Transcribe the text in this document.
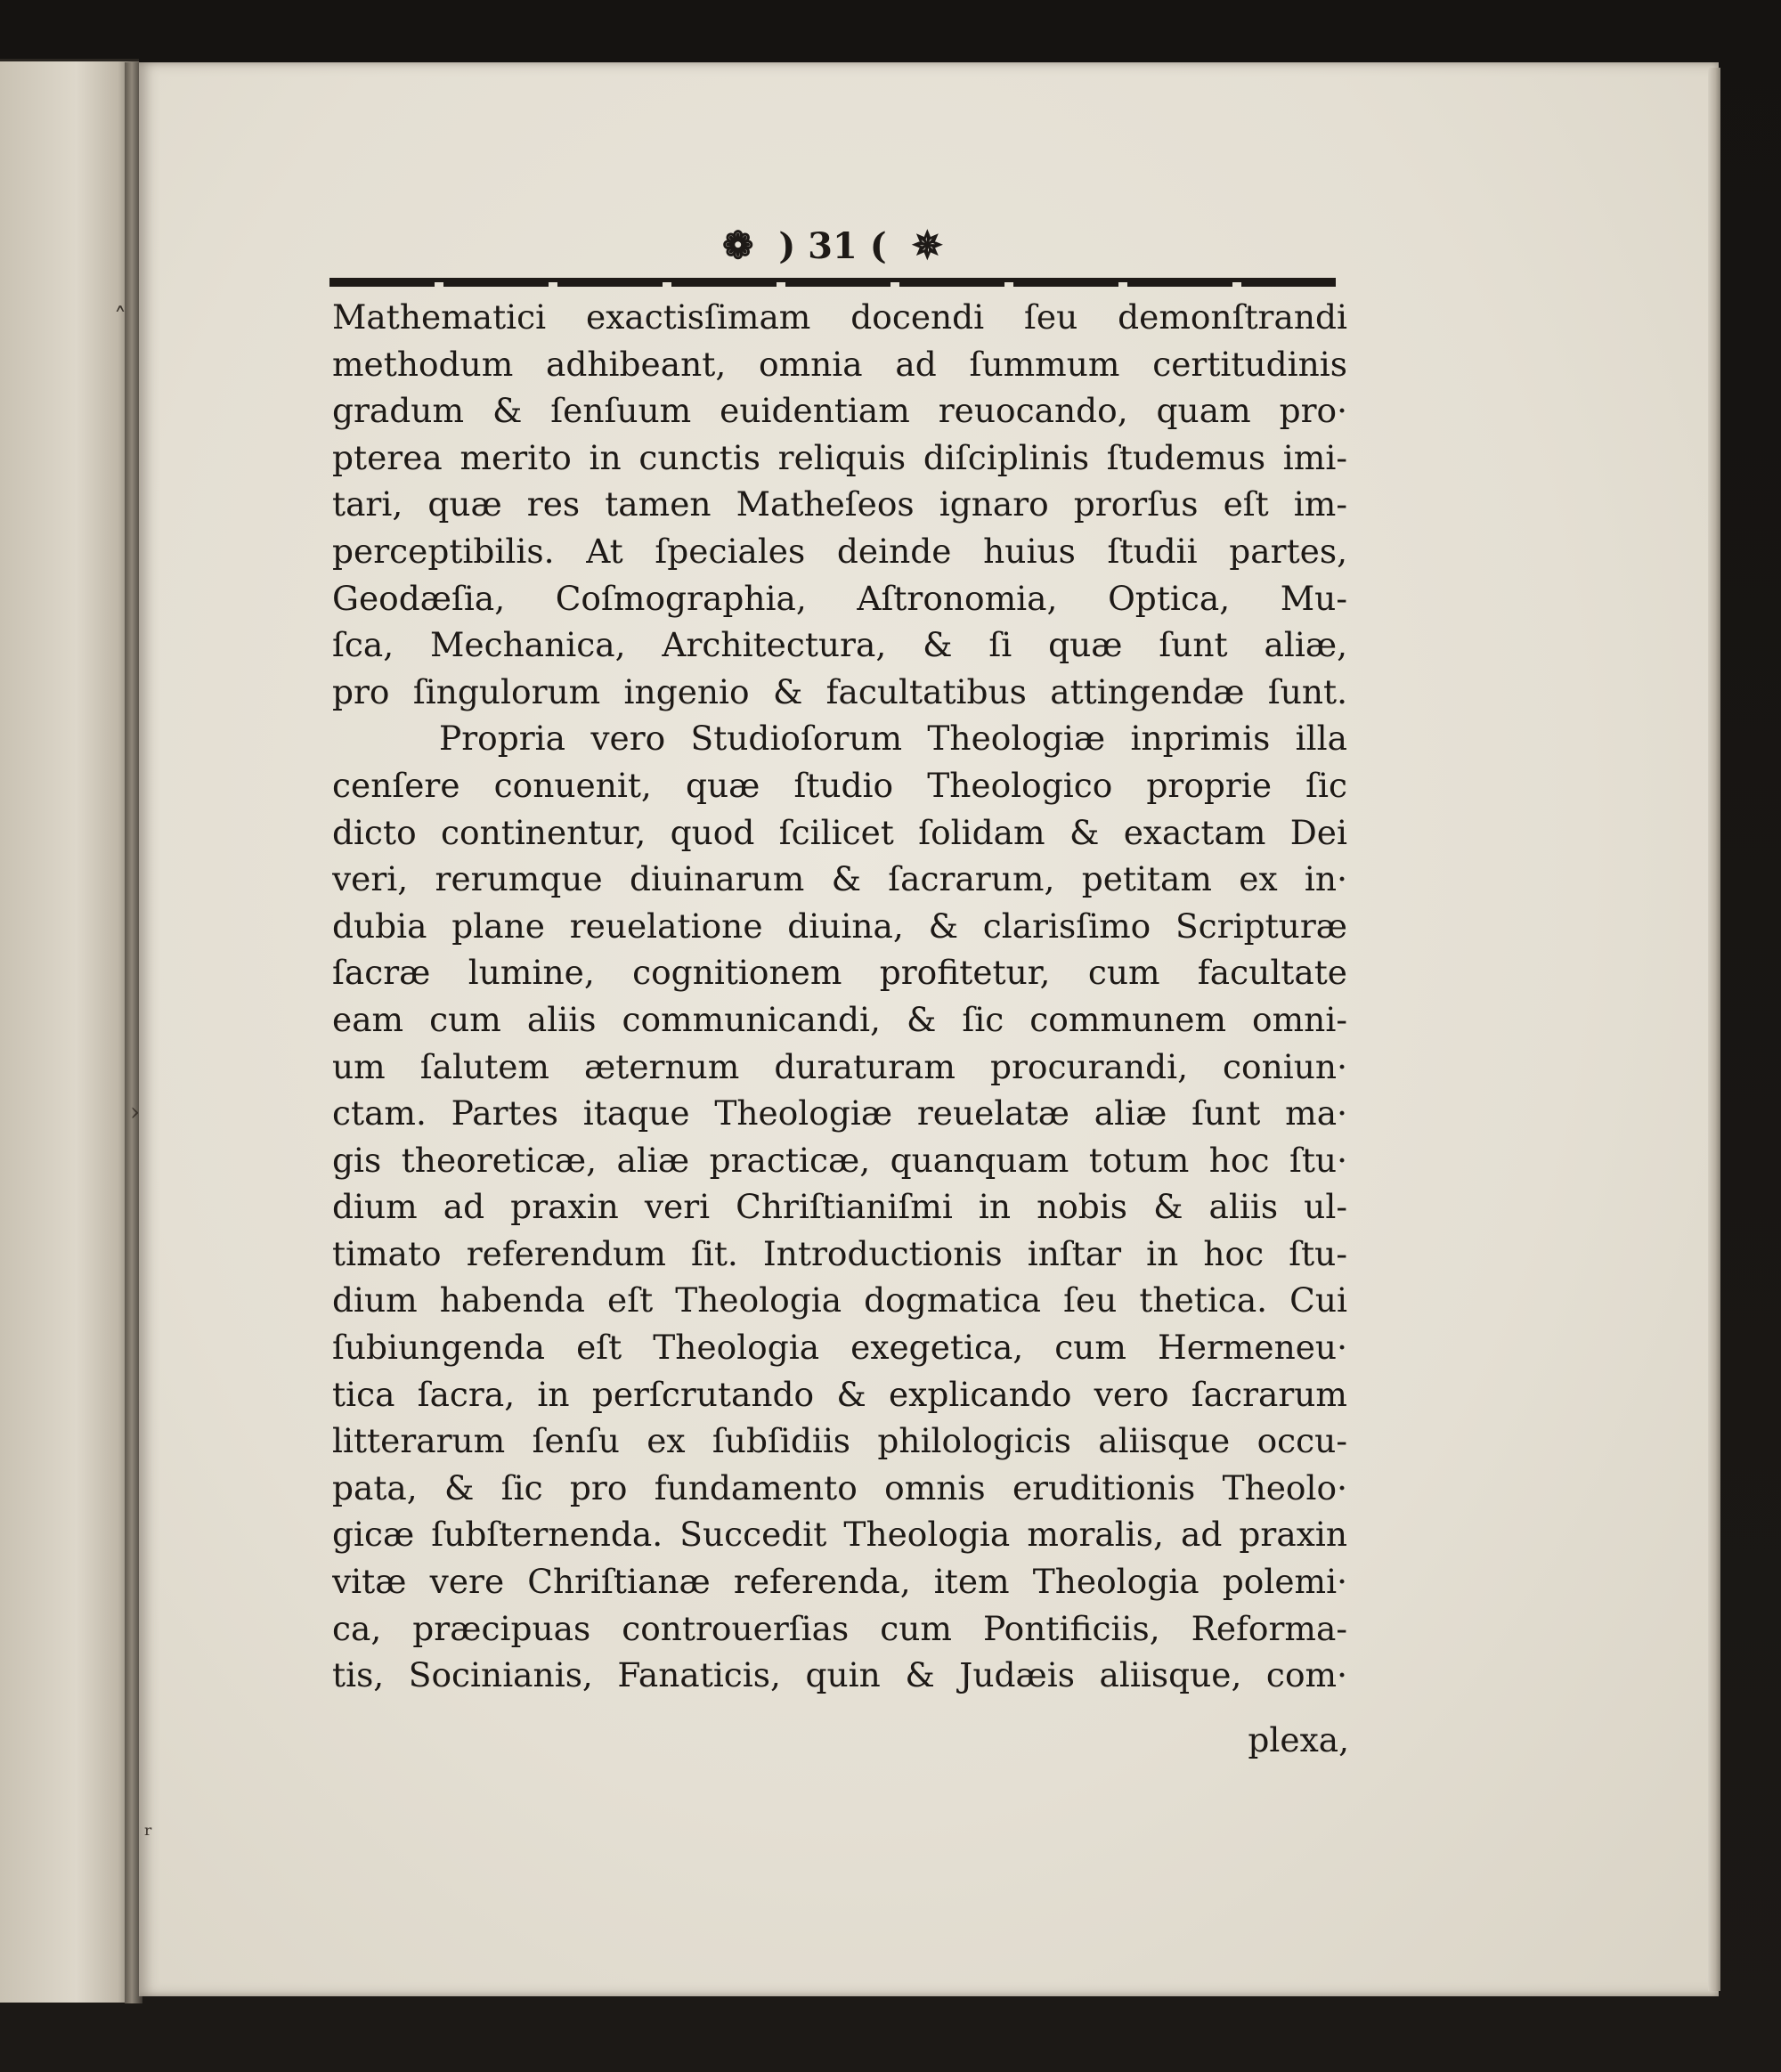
˄
›
ʳ
❁ ) 31 ( ✵
Mathematici exactisſimam docendi ſeu demonſtrandi
methodum adhibeant, omnia ad ſummum certitudinis
gradum & ſenſuum euidentiam reuocando, quam pro·
pterea merito in cunctis reliquis diſciplinis ſtudemus imi-
tari, quæ res tamen Matheſeos ignaro prorſus eſt im-
perceptibilis. At ſpeciales deinde huius ſtudii partes,
Geodæſia, Coſmographia, Aſtronomia, Optica, Mu-
ſca, Mechanica, Architectura, & ſi quæ ſunt aliæ,
pro ſingulorum ingenio & facultatibus attingendæ ſunt.
Propria vero Studioſorum Theologiæ inprimis illa
cenſere conuenit, quæ ſtudio Theologico proprie ſic
dicto continentur, quod ſcilicet ſolidam & exactam Dei
veri, rerumque diuinarum & ſacrarum, petitam ex in·
dubia plane reuelatione diuina, & clarisſimo Scripturæ
ſacræ lumine, cognitionem profitetur, cum facultate
eam cum aliis communicandi, & ſic communem omni-
um ſalutem æternum duraturam procurandi, coniun·
ctam. Partes itaque Theologiæ reuelatæ aliæ ſunt ma·
gis theoreticæ, aliæ practicæ, quanquam totum hoc ſtu·
dium ad praxin veri Chriſtianiſmi in nobis & aliis ul-
timato referendum ſit. Introductionis inſtar in hoc ſtu-
dium habenda eſt Theologia dogmatica ſeu thetica. Cui
ſubiungenda eſt Theologia exegetica, cum Hermeneu·
tica ſacra, in perſcrutando & explicando vero ſacrarum
litterarum ſenſu ex ſubſidiis philologicis aliisque occu-
pata, & ſic pro fundamento omnis eruditionis Theolo·
gicæ ſubſternenda. Succedit Theologia moralis, ad praxin
vitæ vere Chriſtianæ referenda, item Theologia polemi·
ca, præcipuas controuerſias cum Pontificiis, Reforma-
tis, Socinianis, Fanaticis, quin & Judæis aliisque, com·
plexa,
